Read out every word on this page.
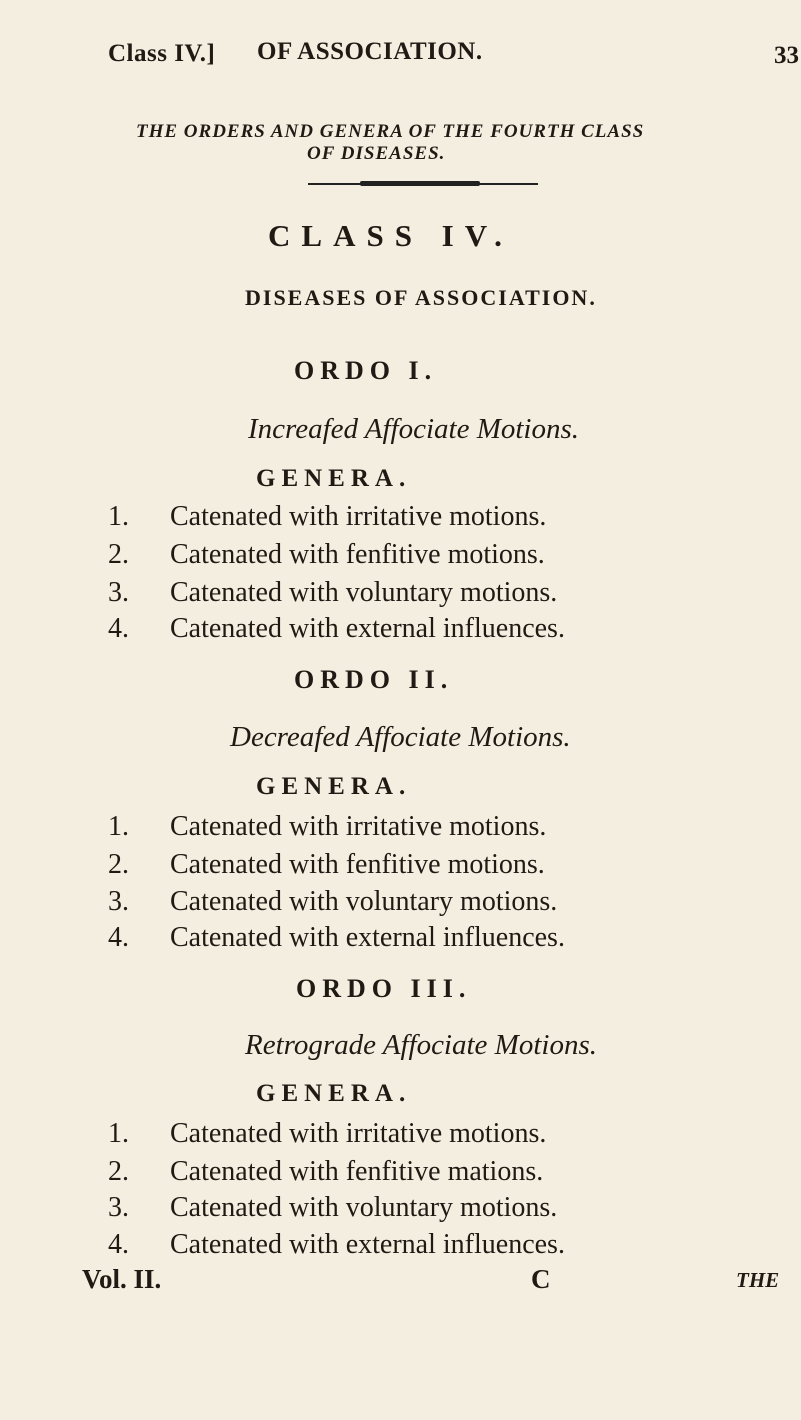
Class IV.] OF ASSOCIATION.	33
THE ORDERS AND GENERA OF THE FOURTH CLASS
OF DISEASES.
CLASS IV.
DISEASES OF ASSOCIATION.
ORDO I.
Increafed Affociate Motions.
GENERA.
1. Catenated with irritative motions.
2. Catenated with fenfitive motions.
3. Catenated with voluntary motions.
4. Catenated with external influences.
ORDO II.
Decreafed Affociate Motions.
GENERA.
1. Catenated with irritative motions.
2. Catenated with fenfitive motions.
3. Catenated with voluntary motions.
4. Catenated with external influences.
ORDO III.
Retrograde Affociate Motions.
GENERA.
1. Catenated with irritative motions.
2. Catenated with fenfitive mations.
3. Catenated with voluntary motions.
4. Catenated with external influences.
Vol. II.	C	THE
